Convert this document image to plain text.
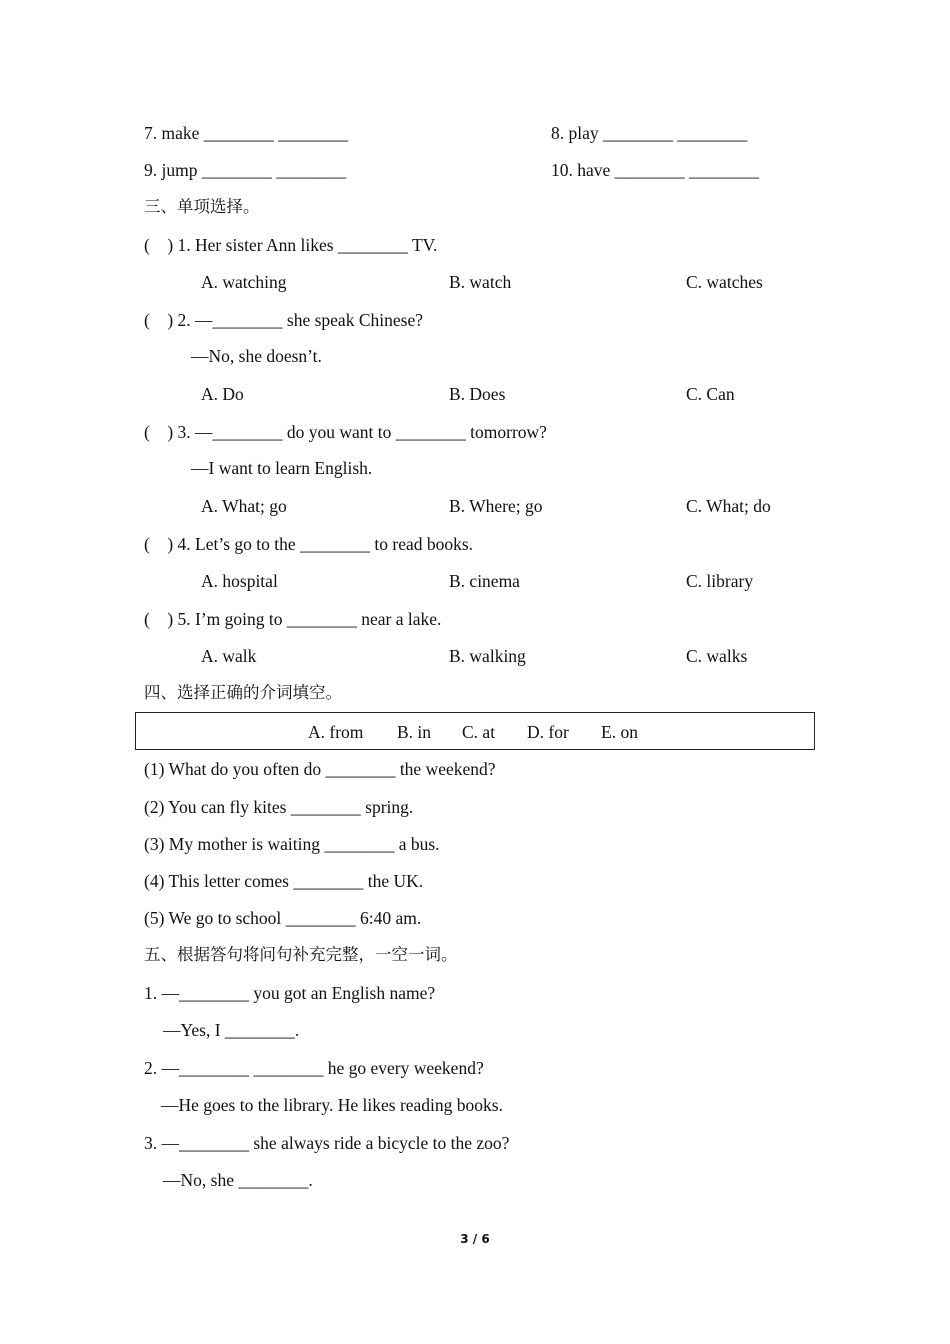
7. make ________ ________	8. play ________ ________
9. jump ________ ________	10. have ________ ________
三、单项选择。
(    ) 1. Her sister Ann likes ________ TV.
A. watching	B. watch	C. watches
(    ) 2. —________ she speak Chinese?
—No, she doesn’t.
A. Do	B. Does	C. Can
(    ) 3. —________ do you want to ________ tomorrow?
—I want to learn English.
A. What; go	B. Where; go	C. What; do
(    ) 4. Let’s go to the ________ to read books.
A. hospital	B. cinema	C. library
(    ) 5. I’m going to ________ near a lake.
A. walk	B. walking	C. walks
四、选择正确的介词填空。
A. from B. in C. at D. for E. on
(1) What do you often do ________ the weekend?
(2) You can fly kites ________ spring.
(3) My mother is waiting ________ a bus.
(4) This letter comes ________ the UK.
(5) We go to school ________ 6:40 am.
五、根据答句将问句补充完整，一空一词。
1. —________ you got an English name?
—Yes, I ________.
2. —________ ________ he go every weekend?
—He goes to the library. He likes reading books.
3. —________ she always ride a bicycle to the zoo?
—No, she ________.
3 / 6
